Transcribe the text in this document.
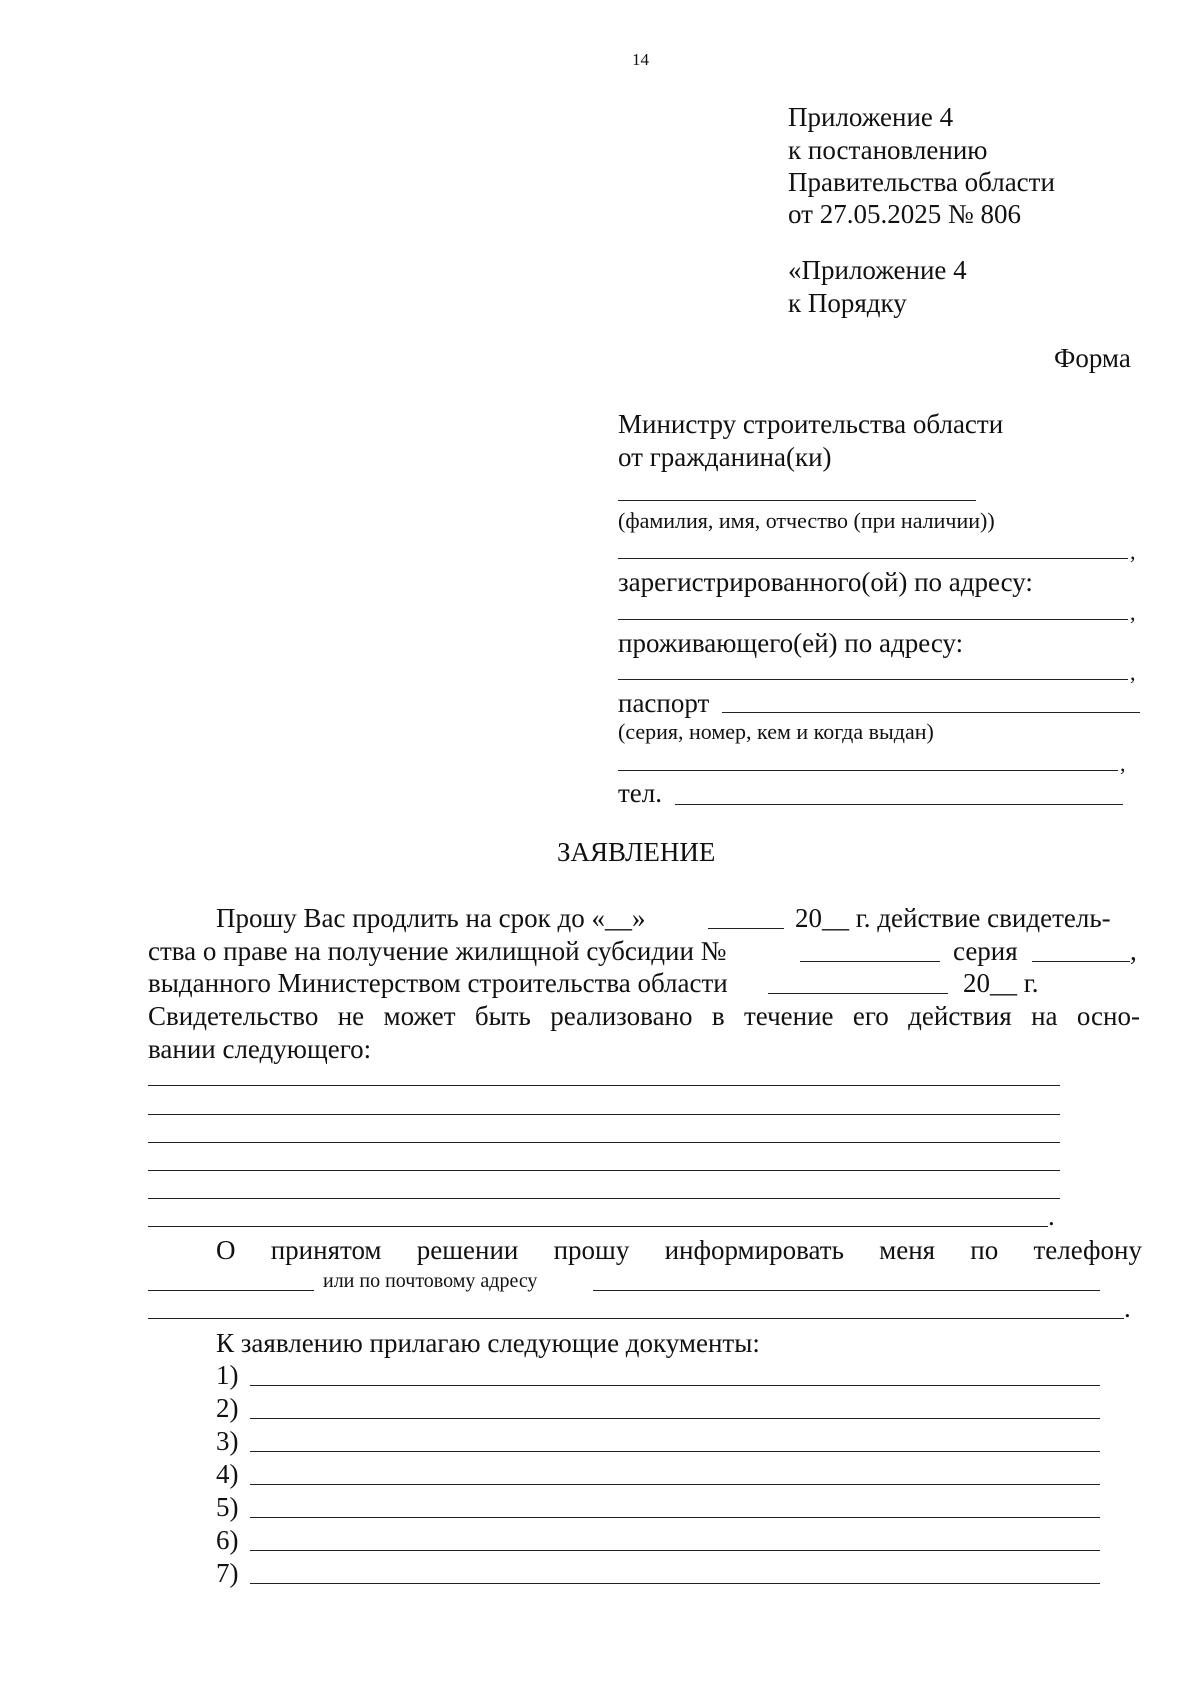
14
Приложение 4
к постановлению
Правительства области
от 27.05.2025 № 806
«Приложение 4
к Порядку
Форма
Министру строительства области
от гражданина(ки)
(фамилия, имя, отчество (при наличии))
,
зарегистрированного(ой) по адресу:
,
проживающего(ей) по адресу:
,
паспорт
(серия, номер, кем и когда выдан)
,
тел.
ЗАЯВЛЕНИЕ
Прошу Вас продлить на срок до «__»	20__ г. действие свидетель-
ства о праве на получение жилищной субсидии №	серия	,
выданного Министерством строительства области	20__ г.
Свидетельство не может быть реализовано в течение его действия на осно-
вании следующего:
.
О принятом решении прошу информировать меня по телефону
или по почтовому адресу
.
К заявлению прилагаю следующие документы:
1)
2)
3)
4)
5)
6)
7)
